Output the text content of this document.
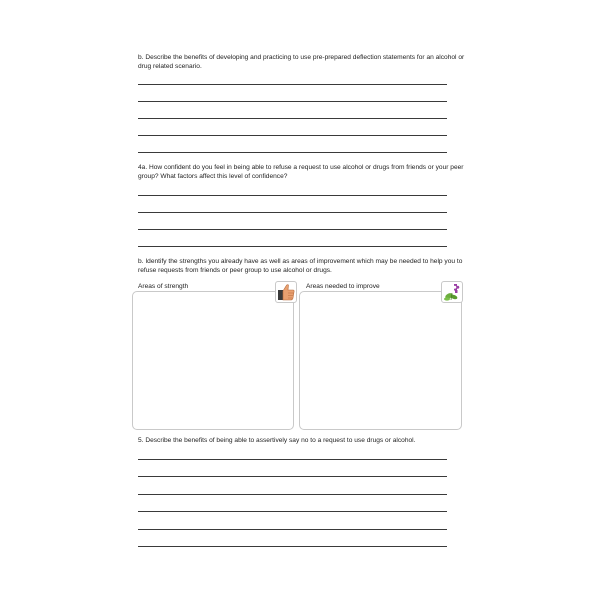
b. Describe the benefits of developing and practicing to use pre-prepared deflection statements for an alcohol or drug related scenario.
4a. How confident do you feel in being able to refuse a request to use alcohol or drugs from friends or your peer group? What factors affect this level of confidence?
b. Identify the strengths you already have as well as areas of improvement which may be needed to help you to refuse requests from friends or peer group to use alcohol or drugs.
Areas of strength	Areas needed to improve
5. Describe the benefits of being able to assertively say no to a request to use drugs or alcohol.
